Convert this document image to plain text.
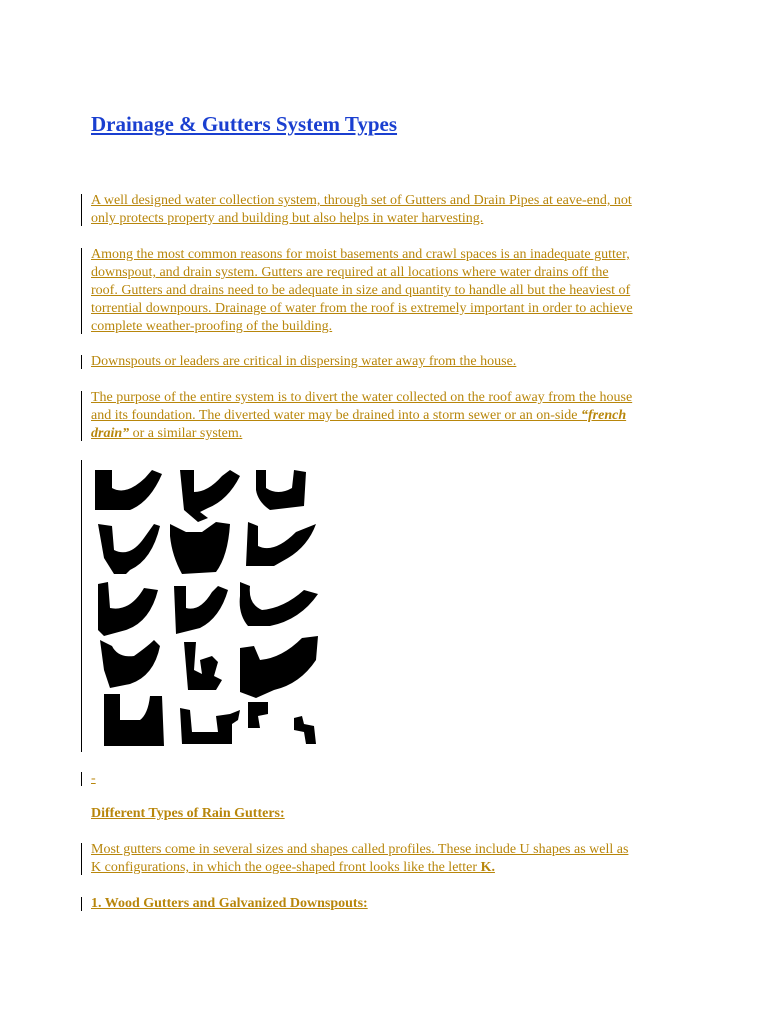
Drainage & Gutters System Types

A well designed water collection system, through set of Gutters and Drain Pipes at eave-end, not
only protects property and building but also helps in water harvesting.

Among the most common reasons for moist basements and crawl spaces is an inadequate gutter,
downspout, and drain system. Gutters are required at all locations where water drains off the
roof. Gutters and drains need to be adequate in size and quantity to handle all but the heaviest of
torrential downpours. Drainage of water from the roof is extremely important in order to achieve
complete weather-proofing of the building.

Downspouts or leaders are critical in dispersing water away from the house.

The purpose of the entire system is to divert the water collected on the roof away from the house
and its foundation. The diverted water may be drained into a storm sewer or an on-side “french
drain” or a similar system.

-

Different Types of Rain Gutters:

Most gutters come in several sizes and shapes called profiles. These include U shapes as well as
K configurations, in which the ogee-shaped front looks like the letter K.

1. Wood Gutters and Galvanized Downspouts:
